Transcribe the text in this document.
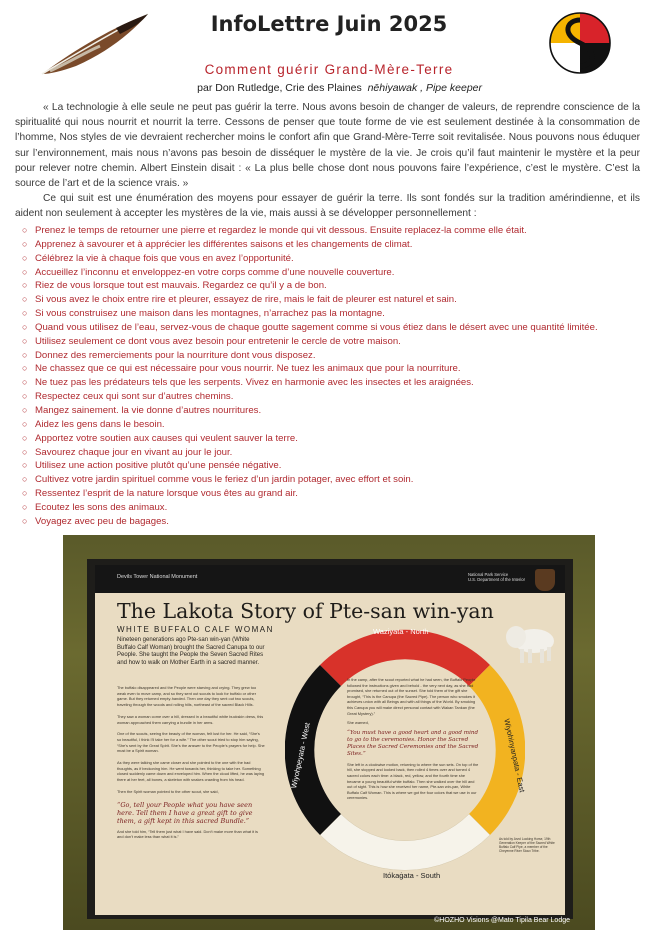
InfoLettre Juin 2025
Comment guérir Grand-Mère-Terre
par Don Rutledge, Crie des Plaines nēhiyawak , Pipe keeper

« La technologie à elle seule ne peut pas guérir la terre. Nous avons besoin de changer de valeurs, de reprendre conscience de la spiritualité qui nous nourrit et nourrit la terre. Cessons de penser que toute forme de vie est seulement destinée à la consommation de l’homme, Nos styles de vie devraient rechercher moins le confort afin que Grand-Mère-Terre soit revitalisée. Nous pouvons nous éduquer sur l’environnement, mais nous n’avons pas besoin de disséquer le mystère de la vie. Je crois qu’il faut maintenir le mystère et la peur pour relever notre chemin. Albert Einstein disait : « La plus belle chose dont nous pouvons faire l’expérience, c’est le mystère. C’est la source de l’art et de la science vrais. »

Ce qui suit est une énumération des moyens pour essayer de guérir la terre. Ils sont fondés sur la tradition amérindienne, et ils aident non seulement à accepter les mystères de la vie, mais aussi à se développer personnellement :

○ Prenez le temps de retourner une pierre et regardez le monde qui vit dessous. Ensuite replacez-la comme elle était.
○ Apprenez à savourer et à apprécier les différentes saisons et les changements de climat.
○ Célébrez la vie à chaque fois que vous en avez l’opportunité.
○ Accueillez l’inconnu et enveloppez-en votre corps comme d’une nouvelle couverture.
○ Riez de vous lorsque tout est mauvais. Regardez ce qu’il y a de bon.
○ Si vous avez le choix entre rire et pleurer, essayez de rire, mais le fait de pleurer est naturel et sain.
○ Si vous construisez une maison dans les montagnes, n’arrachez pas la montagne.
○ Quand vous utilisez de l’eau, servez-vous de chaque goutte sagement comme si vous étiez dans le désert avec une quantité limitée.
○ Utilisez seulement ce dont vous avez besoin pour entretenir le cercle de votre maison.
○ Donnez des remerciements pour la nourriture dont vous disposez.
○ Ne chassez que ce qui est nécessaire pour vous nourrir. Ne tuez les animaux que pour la nourriture.
○ Ne tuez pas les prédateurs tels que les serpents. Vivez en harmonie avec les insectes et les araignées.
○ Respectez ceux qui sont sur d’autres chemins.
○ Mangez sainement. la vie donne d’autres nourritures.
○ Aidez les gens dans le besoin.
○ Apportez votre soutien aux causes qui veulent sauver la terre.
○ Savourez chaque jour en vivant au jour le jour.
○ Utilisez une action positive plutôt qu’une pensée négative.
○ Cultivez votre jardin spirituel comme vous le feriez d’un jardin potager, avec effort et soin.
○ Ressentez l’esprit de la nature lorsque vous êtes au grand air.
○ Ecoutez les sons des animaux.
○ Voyagez avec peu de bagages.
Devils Tower National Monument	National Park Service
U.S. Department of the Interior
The Lakota Story of Pte-san win-yan
WHITE BUFFALO CALF WOMAN
Nineteen generations ago Pte-san win-yan (White Buffalo Calf Woman) brought the Sacred Canupa to our People. She taught the People the Seven Sacred Rites and how to walk on Mother Earth in a sacred manner.

The buffalo disappeared and the People were starving and crying. They grew too weak even to move camp, and so they sent out scouts to look for buffalo or other game. But they returned empty-handed. Then one day they sent out two scouts, traveling through the woods and rolling hills, northeast of the sacred Black Hills.

They saw a woman come over a hill, dressed in a beautiful white buckskin dress, this woman approached them carrying a bundle in her arms.

One of the scouts, seeing the beauty of the woman, felt lust for her. He said, “She’s so beautiful, I think I’ll take her for a wife.” The other scout tried to stop him saying, “She’s sent by the Great Spirit. She’s the answer to the People’s prayers for help. She must be a Spirit woman.

As they were talking she came closer and she pointed to the one with the bad thoughts, as if beckoning him. He went towards her, thinking to take her. Something closed suddenly came down and enveloped him. When the cloud lifted, he was laying there at her feet, all bones, a skeleton with snakes crawling from his head.

Then the Spirit woman pointed to the other scout, she said,

“Go, tell your People what you have seen here. Tell them I have a great gift to give them, a gift kept in this sacred Bundle.”

And she told him, “Tell them just what I have said. Don’t make more than what it is and don’t make less than what it is.”

Waziyata - North
Wiyohpeyata - West	Wiyohinyanpata - East
Itókaġata - South

In the camp, after the scout reported what he had seen, the Buffalo People followed the instructions given and behold - the very next day, as she had promised, she returned out of the sunset. She told them of the gift she brought, “This is the Canupa (the Sacred Pipe). The person who smokes it achieves union with all Beings and with all things of the World. By smoking this Canupa you will make direct personal contact with Wakan Tankan (the Great Mystery).”

She warned,

“You must have a good heart and a good mind to go to the ceremonies. Honor the Sacred Places the Sacred Ceremonies and the Sacred Sites.”

She left in a clockwise motion, returning to where the sun sets. On top of the hill, she stopped and looked back, then rolled 4 times over and turned 4 sacred colors each time: a black, red, yellow, and the fourth time she became a young beautiful white buffalo. Then she walked over the hill and out of sight. This is how she received her name, Pte-san win-yan, White Buffalo Calf Woman. This is where we got the four colors that we use in our ceremonies.

As told by Arvol Looking Horse, 19th Generation Keeper of the Sacred White Buffalo Calf Pipe, a member of the Cheyenne River Sioux Tribe.
©HOZHO Visions @Mato Tipila Bear Lodge
